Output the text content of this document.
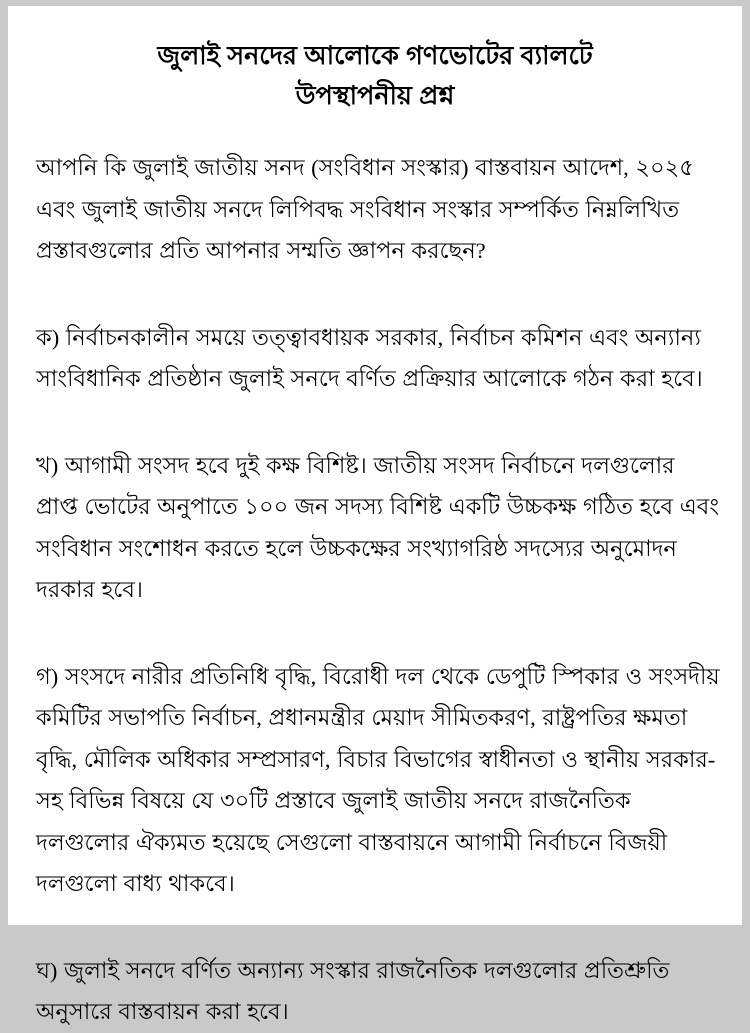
জুলাই সনদের আলোকে গণভোটের ব্যালটে
উপস্থাপনীয় প্রশ্ন

আপনি কি জুলাই জাতীয় সনদ (সংবিধান সংস্কার) বাস্তবায়ন আদেশ, ২০২৫ এবং জুলাই জাতীয় সনদে লিপিবদ্ধ সংবিধান সংস্কার সম্পর্কিত নিম্নলিখিত প্রস্তাবগুলোর প্রতি আপনার সম্মতি জ্ঞাপন করছেন?

ক) নির্বাচনকালীন সময়ে তত্ত্বাবধায়ক সরকার, নির্বাচন কমিশন এবং অন্যান্য সাংবিধানিক প্রতিষ্ঠান জুলাই সনদে বর্ণিত প্রক্রিয়ার আলোকে গঠন করা হবে।

খ) আগামী সংসদ হবে দুই কক্ষ বিশিষ্ট। জাতীয় সংসদ নির্বাচনে দলগুলোর প্রাপ্ত ভোটের অনুপাতে ১০০ জন সদস্য বিশিষ্ট একটি উচ্চকক্ষ গঠিত হবে এবং সংবিধান সংশোধন করতে হলে উচ্চকক্ষের সংখ্যাগরিষ্ঠ সদস্যের অনুমোদন দরকার হবে।

গ) সংসদে নারীর প্রতিনিধি বৃদ্ধি, বিরোধী দল থেকে ডেপুটি স্পিকার ও সংসদীয় কমিটির সভাপতি নির্বাচন, প্রধানমন্ত্রীর মেয়াদ সীমিতকরণ, রাষ্ট্রপতির ক্ষমতা বৃদ্ধি, মৌলিক অধিকার সম্প্রসারণ, বিচার বিভাগের স্বাধীনতা ও স্থানীয় সরকার-সহ বিভিন্ন বিষয়ে যে ৩০টি প্রস্তাবে জুলাই জাতীয় সনদে রাজনৈতিক দলগুলোর ঐক্যমত হয়েছে সেগুলো বাস্তবায়নে আগামী নির্বাচনে বিজয়ী দলগুলো বাধ্য থাকবে।

ঘ) জুলাই সনদে বর্ণিত অন্যান্য সংস্কার রাজনৈতিক দলগুলোর প্রতিশ্রুতি অনুসারে বাস্তবায়ন করা হবে।
